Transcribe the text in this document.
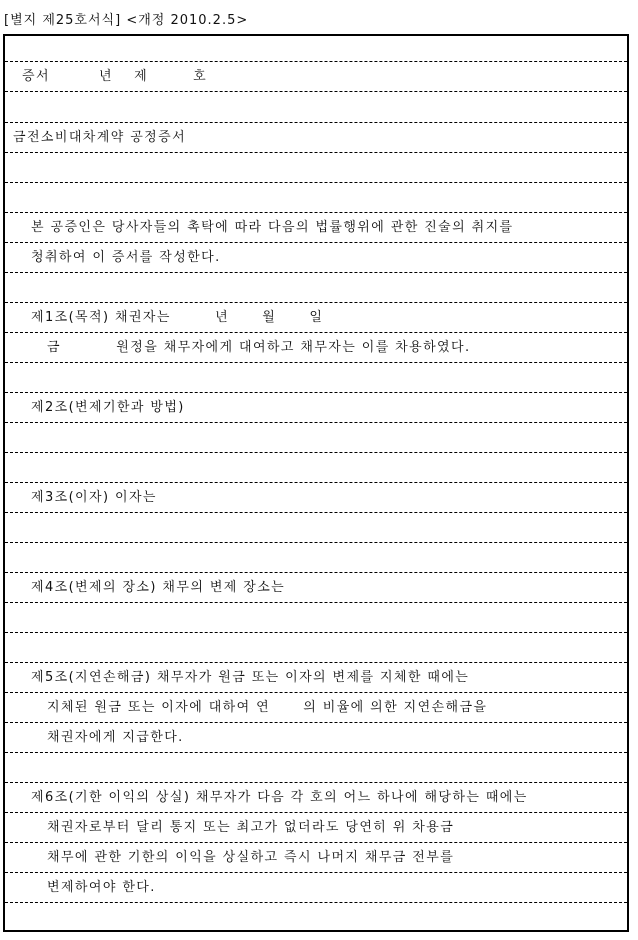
[별지 제25호서식] <개정 2010.2.5>
증서	년 제	호
금전소비대차계약 공정증서
본 공증인은 당사자들의 촉탁에 따라 다음의 법률행위에 관한 진술의 취지를
청취하여 이 증서를 작성한다.
제1조(목적) 채권자는        년      월      일
금          원정을 채무자에게 대여하고 채무자는 이를 차용하였다.
제2조(변제기한과 방법)
제3조(이자) 이자는
제4조(변제의 장소) 채무의 변제 장소는
제5조(지연손해금) 채무자가 원금 또는 이자의 변제를 지체한 때에는
지체된 원금 또는 이자에 대하여 연      의 비율에 의한 지연손해금을
채권자에게 지급한다.
제6조(기한 이익의 상실) 채무자가 다음 각 호의 어느 하나에 해당하는 때에는
채권자로부터 달리 통지 또는 최고가 없더라도 당연히 위 차용금
채무에 관한 기한의 이익을 상실하고 즉시 나머지 채무금 전부를
변제하여야 한다.
